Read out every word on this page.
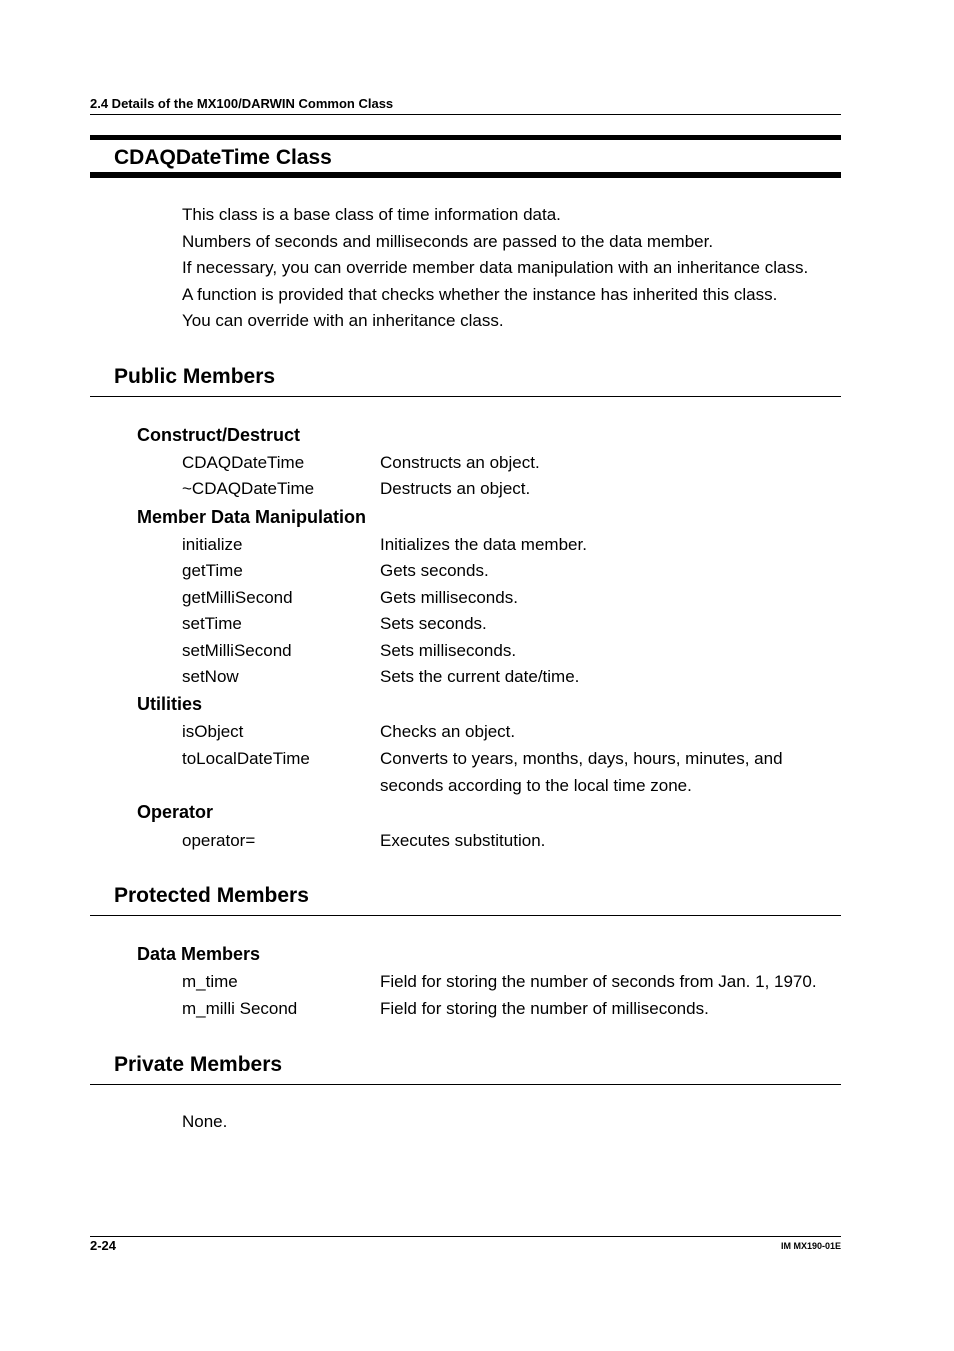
2.4 Details of the MX100/DARWIN Common Class
CDAQDateTime Class
This class is a base class of time information data.
Numbers of seconds and milliseconds are passed to the data member.
If necessary, you can override member data manipulation with an inheritance class.
A function is provided that checks whether the instance has inherited this class.
You can override with an inheritance class.
Public Members
Construct/Destruct
CDAQDateTime	Constructs an object.
~CDAQDateTime	Destructs an object.
Member Data Manipulation
initialize	Initializes the data member.
getTime	Gets seconds.
getMilliSecond	Gets milliseconds.
setTime	Sets seconds.
setMilliSecond	Sets milliseconds.
setNow	Sets the current date/time.
Utilities
isObject	Checks an object.
toLocalDateTime	Converts to years, months, days, hours, minutes, and
seconds according to the local time zone.
Operator
operator=	Executes substitution.
Protected Members
Data Members
m_time	Field for storing the number of seconds from Jan. 1, 1970.
m_milli Second	Field for storing the number of milliseconds.
Private Members
None.
2-24	IM MX190-01E
